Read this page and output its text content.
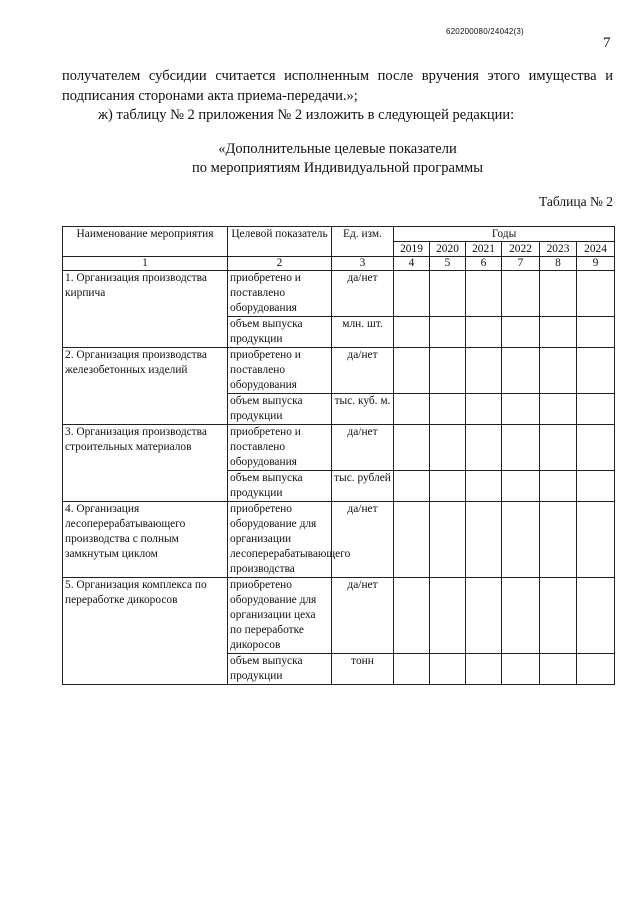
620200080/24042(3)
7
получателем субсидии считается исполненным после вручения этого имущества и
подписания сторонами акта приема-передачи.»;
ж) таблицу № 2 приложения № 2 изложить в следующей редакции:
«Дополнительные целевые показатели
по мероприятиям Индивидуальной программы
Таблица № 2
Наименование мероприятия	Целевой показатель	Ед. изм.	Годы					
			2019	2020	2021	2022	2023	2024
1	2	3	4	5	6	7	8	9
1. Организация производства кирпича	приобретено и поставлено оборудования	да/нет						
	объем выпуска продукции	млн. шт.						
2. Организация производства железобетонных изделий	приобретено и поставлено оборудования	да/нет						
	объем выпуска продукции	тыс. куб. м.						
3. Организация производства строительных материалов	приобретено и поставлено оборудования	да/нет						
	объем выпуска продукции	тыс. рублей						
4. Организация лесоперерабатывающего производства с полным замкнутым циклом	приобретено оборудование для организации лесоперерабатывающего производства	да/нет						
5. Организация комплекса по переработке дикоросов	приобретено оборудование для организации цеха по переработке дикоросов	да/нет						
	объем выпуска продукции	тонн						
